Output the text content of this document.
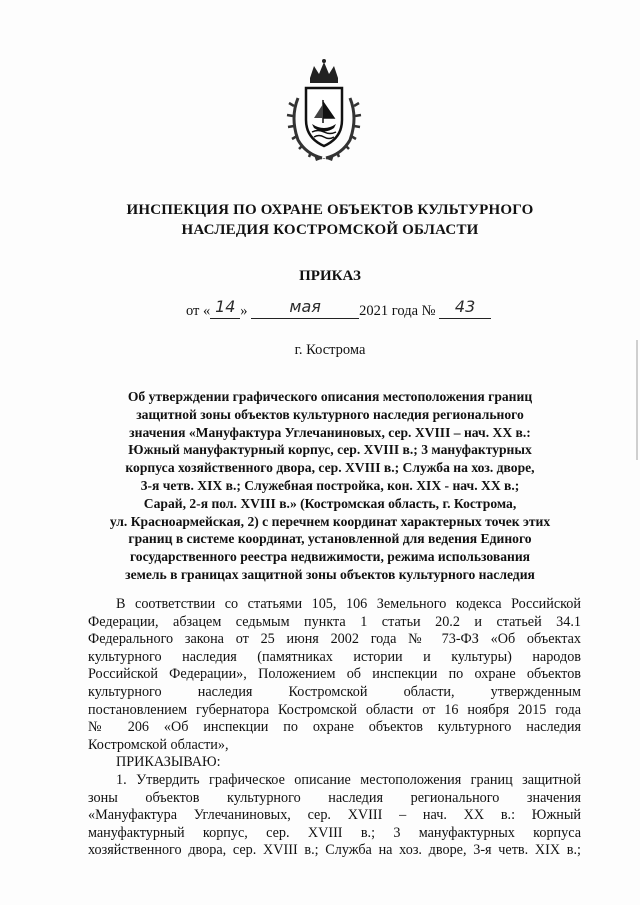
ИНСПЕКЦИЯ ПО ОХРАНЕ ОБЪЕКТОВ КУЛЬТУРНОГО
НАСЛЕДИЯ КОСТРОМСКОЙ ОБЛАСТИ
ПРИКАЗ
от « 14 »	мая	2021 года № 43
г. Кострома
Об утверждении графического описания местоположения границ
защитной зоны объектов культурного наследия регионального
значения «Мануфактура Углечаниновых, сер. XVIII – нач. XX в.:
Южный мануфактурный корпус, сер. XVIII в.; 3 мануфактурных
корпуса хозяйственного двора, сер. XVIII в.; Служба на хоз. дворе,
3-я четв. XIX в.; Служебная постройка, кон. XIX - нач. XX в.;
Сарай, 2-я пол. XVIII в.» (Костромская область, г. Кострома,
ул. Красноармейская, 2) с перечнем координат характерных точек этих
границ в системе координат, установленной для ведения Единого
государственного реестра недвижимости, режима использования
земель в границах защитной зоны объектов культурного наследия
В соответствии со статьями 105, 106 Земельного кодекса Российской
Федерации, абзацем седьмым пункта 1 статьи 20.2 и статьей 34.1
Федерального закона от 25 июня 2002 года № 73-ФЗ «Об объектах
культурного наследия (памятниках истории и культуры) народов
Российской Федерации», Положением об инспекции по охране объектов
культурного наследия Костромской области, утвержденным
постановлением губернатора Костромской области от 16 ноября 2015 года
№ 206 «Об инспекции по охране объектов культурного наследия
Костромской области»,
ПРИКАЗЫВАЮ:
1. Утвердить графическое описание местоположения границ защитной
зоны объектов культурного наследия регионального значения
«Мануфактура Углечаниновых, сер. XVIII – нач. XX в.: Южный
мануфактурный корпус, сер. XVIII в.; 3 мануфактурных корпуса
хозяйственного двора, сер. XVIII в.; Служба на хоз. дворе, 3-я четв. XIX в.;
